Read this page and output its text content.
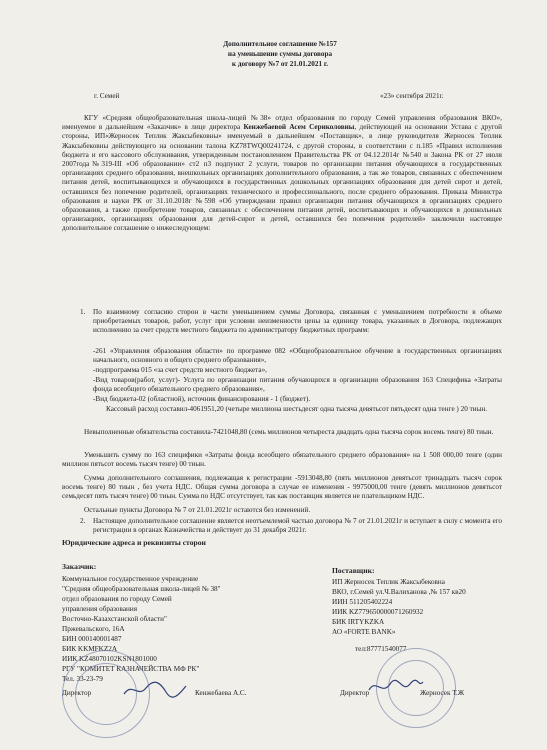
Дополнительное соглашение №157
на уменьшение суммы договора
к договору №7 от 21.01.2021 г.
г. Семей	«23» сентября 2021г.
КГУ «Средняя общеобразовательная школа-лицей №38» отдел образования по городу Семей управления образования ВКО», именуемое в дальнейшем «Заказчик» в лице директора Кенжебаевой Асем Сериколовны, действующей на основании Устава с другой стороны, ИП«Жерносек Теплик Жаксыбековны» именуемый в дальнейшем «Поставщик», в лице руководителя Жерносек Теплик Жаксыбековны действующего на основании талона KZ78TWQ00241724, с другой стороны, в соответствии с п.185 «Правил исполнения бюджета и его кассового обслуживания, утвержденным постановлением Правительства РК от 04.12.2014г №540 и Закона РК от 27 июля 2007года№319-III «Об образовании» ст2 п3 подпункт 2 услуги, товаров по организации питания обучающихся в государственных организациях среднего образования, внешкольных организациях дополнительного образования, а так же товаров, связанных с обеспечением питания детей, воспитывающихся и обучающихся в государственных дошкольных организациях образования для детей сирот и детей, оставшихся без попечение родителей, организациях технического и профессионального, после среднего образования. Приказа Министра образования и науки РК от 31.10.2018г №598 «Об утверждении правил организации питания обучающихся в организациях среднего образования, а также приобретение товаров, связанных с обеспечением питания детей, воспитывающих и обучающихся в дошкольных организациях, организациях образования для детей-сирот и детей, оставшихся без попечения родителей» заключили настоящее дополнительное соглашение о нижеследующем:
1. По взаимному согласию сторон в части уменьшением суммы Договора, связанная с уменьшением потребности в объеме приобретаемых товаров, работ, услуг при условии неизменности цены за единицу товара, указанных в Договора, подлежащих исполнению за счет средств местного бюджета по администратору бюджетных программ:
-261 «Управления образования области» по программе 082 «Общеобразовательное обучение в государственных организациях начального, основного и общего среднего образования»,
-подпрограмма 015 «за счет средств местного бюджета»,
-Вид товаров(работ, услуг)- Услуга по организации питания обучающихся в организации образования 163 Специфика «Затраты фонда всеобщего обязательного среднего образования»,
-Вид бюджета-02 (областной), источник финансирования - 1 (бюджет).
Кассовый расход составил-4061951,20 (четыре миллиона шестьдесят одна тысяча девятьсот пятьдесят одна тенге ) 20 тиын.
Невыполненные обязательства составила-7421048,80 (семь миллионов четыреста двадцать одна тысяча сорок восемь тенге) 80 тиын.
Уменьшить сумму по 163 специфики «Затраты фонда всеобщего обязательного среднего образования» на 1 508 000,00 тенге (один миллион пятьсот восемь тысяч тенге) 00 тиын.
Сумма дополнительного соглашения, подлежащая к регистрации -5913048,80 (пять миллионов девятьсот тринадцать тысяч сорок восемь тенге) 80 тиын , без учета НДС. Общая сумма договора в случае ее изменения - 9975000,00 тенге (девять миллионов девятьсот семьдесят пять тысяч тенге) 00 тиын. Сумма по НДС отсутствует, так как поставщик является не плательщиком НДС.
Остальные пункты Договора № 7 от 21.01.2021г остаются без изменений.
2. Настоящее дополнительное соглашение является неотъемлемой частью договора № 7 от 21.01.2021г и вступает в силу с момента его регистрации в органах Казначейства и действует до 31 декабря 2021г.
Юридические адреса и реквизиты сторон
Заказчик:
Коммунальное государственное учреждение
"Средняя общеобразовательная школа-лицей № 38"
отдел образования по городу Семей
управления образования
Восточно-Казахстанской области"
Пржевальского, 16А
БИН 000140001487
БИК KKMFKZ2A
ИИК KZ48070102KSN1801000
РГУ "КОМИТЕТ КАЗНАЧЕЙСТВА МФ РК"
Тел. 33-23-79
Директор	Кенжебаева А.С.
Поставщик:
ИП Жерносек Теплик Жаксыбековна
ВКО, г.Семей ул.Ч.Валиханова ,№ 157 кв20
ИИН 511205402224
ИИК KZ779650000071260932
БИК IRTYKZKA
АО «FORTE BANK»
тел:87771540077
Директор	Жерносек Т.Ж
